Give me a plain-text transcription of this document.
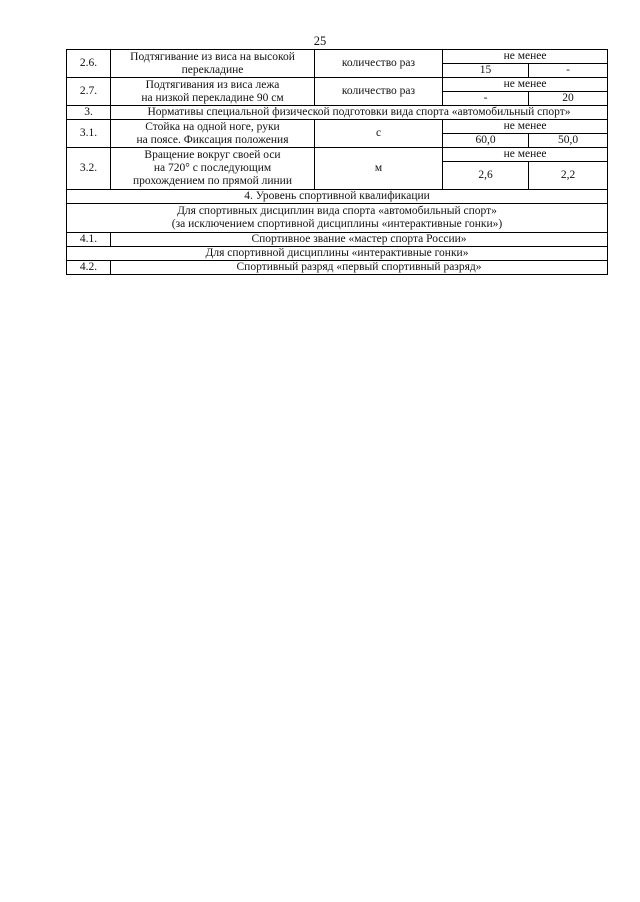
25
2.6.	Подтягивание из виса на высокой
перекладине	количество раз	не менее	
			15	-
2.7.	Подтягивания из виса лежа
на низкой перекладине 90 см	количество раз	не менее	
			-	20
3.	Нормативы специальной физической подготовки вида спорта «автомобильный спорт»			
3.1.	Стойка на одной ноге, руки
на поясе. Фиксация положения	с	не менее	
			60,0	50,0
3.2.	Вращение вокруг своей оси
на 720° с последующим
прохождением по прямой линии	м	не менее	
			2,6	2,2
4. Уровень спортивной квалификации				
Для спортивных дисциплин вида спорта «автомобильный спорт»
(за исключением спортивной дисциплины «интерактивные гонки»)				
4.1.	Спортивное звание «мастер спорта России»			
Для спортивной дисциплины «интерактивные гонки»				
4.2.	Спортивный разряд «первый спортивный разряд»			
